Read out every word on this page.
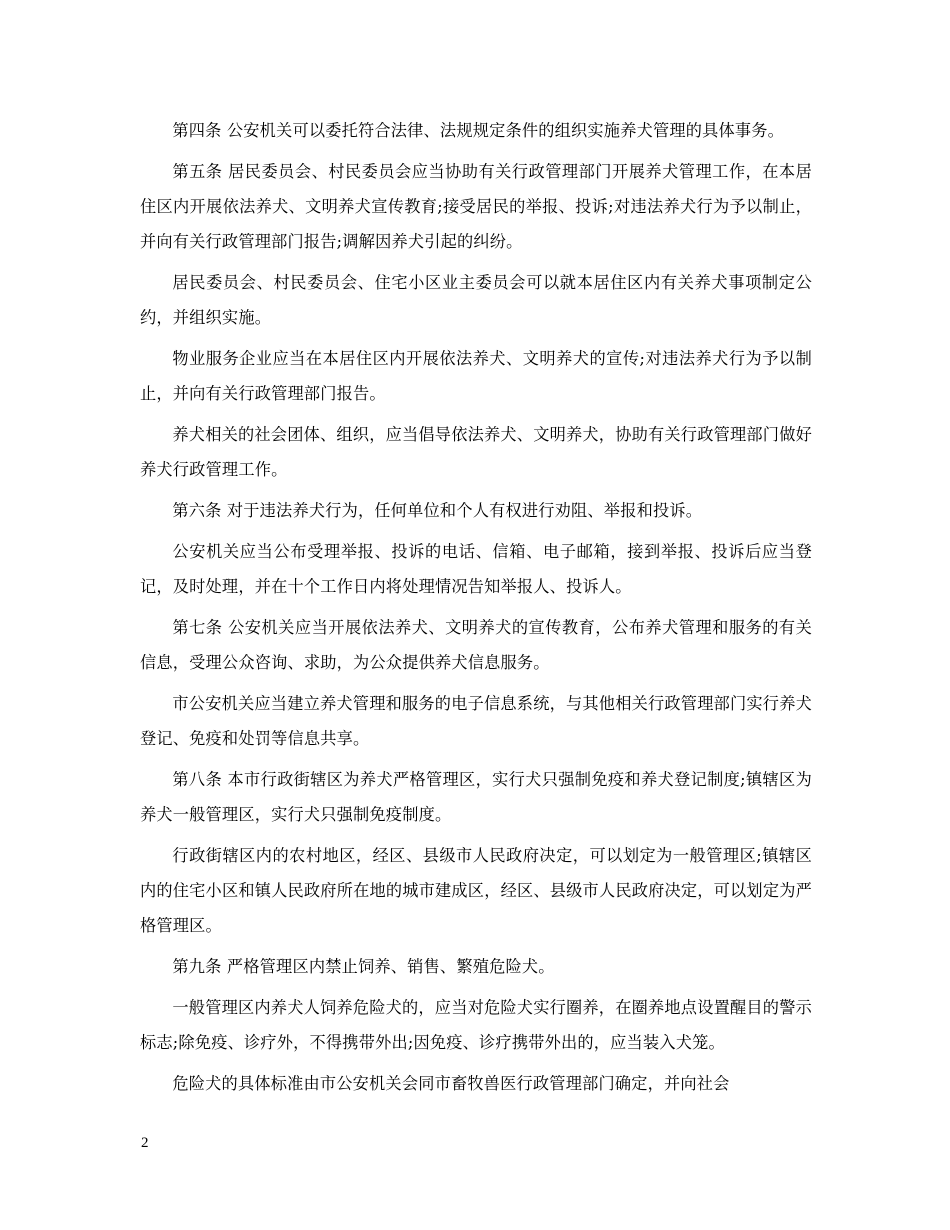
第四条 公安机关可以委托符合法律、法规规定条件的组织实施养犬管理的具体事务。

第五条 居民委员会、村民委员会应当协助有关行政管理部门开展养犬管理工作，在本居住区内开展依法养犬、文明养犬宣传教育;接受居民的举报、投诉;对违法养犬行为予以制止，并向有关行政管理部门报告;调解因养犬引起的纠纷。

居民委员会、村民委员会、住宅小区业主委员会可以就本居住区内有关养犬事项制定公约，并组织实施。

物业服务企业应当在本居住区内开展依法养犬、文明养犬的宣传;对违法养犬行为予以制止，并向有关行政管理部门报告。

养犬相关的社会团体、组织，应当倡导依法养犬、文明养犬，协助有关行政管理部门做好养犬行政管理工作。

第六条 对于违法养犬行为，任何单位和个人有权进行劝阻、举报和投诉。

公安机关应当公布受理举报、投诉的电话、信箱、电子邮箱，接到举报、投诉后应当登记，及时处理，并在十个工作日内将处理情况告知举报人、投诉人。

第七条 公安机关应当开展依法养犬、文明养犬的宣传教育，公布养犬管理和服务的有关信息，受理公众咨询、求助，为公众提供养犬信息服务。

市公安机关应当建立养犬管理和服务的电子信息系统，与其他相关行政管理部门实行养犬登记、免疫和处罚等信息共享。

第八条 本市行政街辖区为养犬严格管理区，实行犬只强制免疫和养犬登记制度;镇辖区为养犬一般管理区，实行犬只强制免疫制度。

行政街辖区内的农村地区，经区、县级市人民政府决定，可以划定为一般管理区;镇辖区内的住宅小区和镇人民政府所在地的城市建成区，经区、县级市人民政府决定，可以划定为严格管理区。

第九条 严格管理区内禁止饲养、销售、繁殖危险犬。

一般管理区内养犬人饲养危险犬的，应当对危险犬实行圈养，在圈养地点设置醒目的警示标志;除免疫、诊疗外，不得携带外出;因免疫、诊疗携带外出的，应当装入犬笼。

危险犬的具体标准由市公安机关会同市畜牧兽医行政管理部门确定，并向社会

2
